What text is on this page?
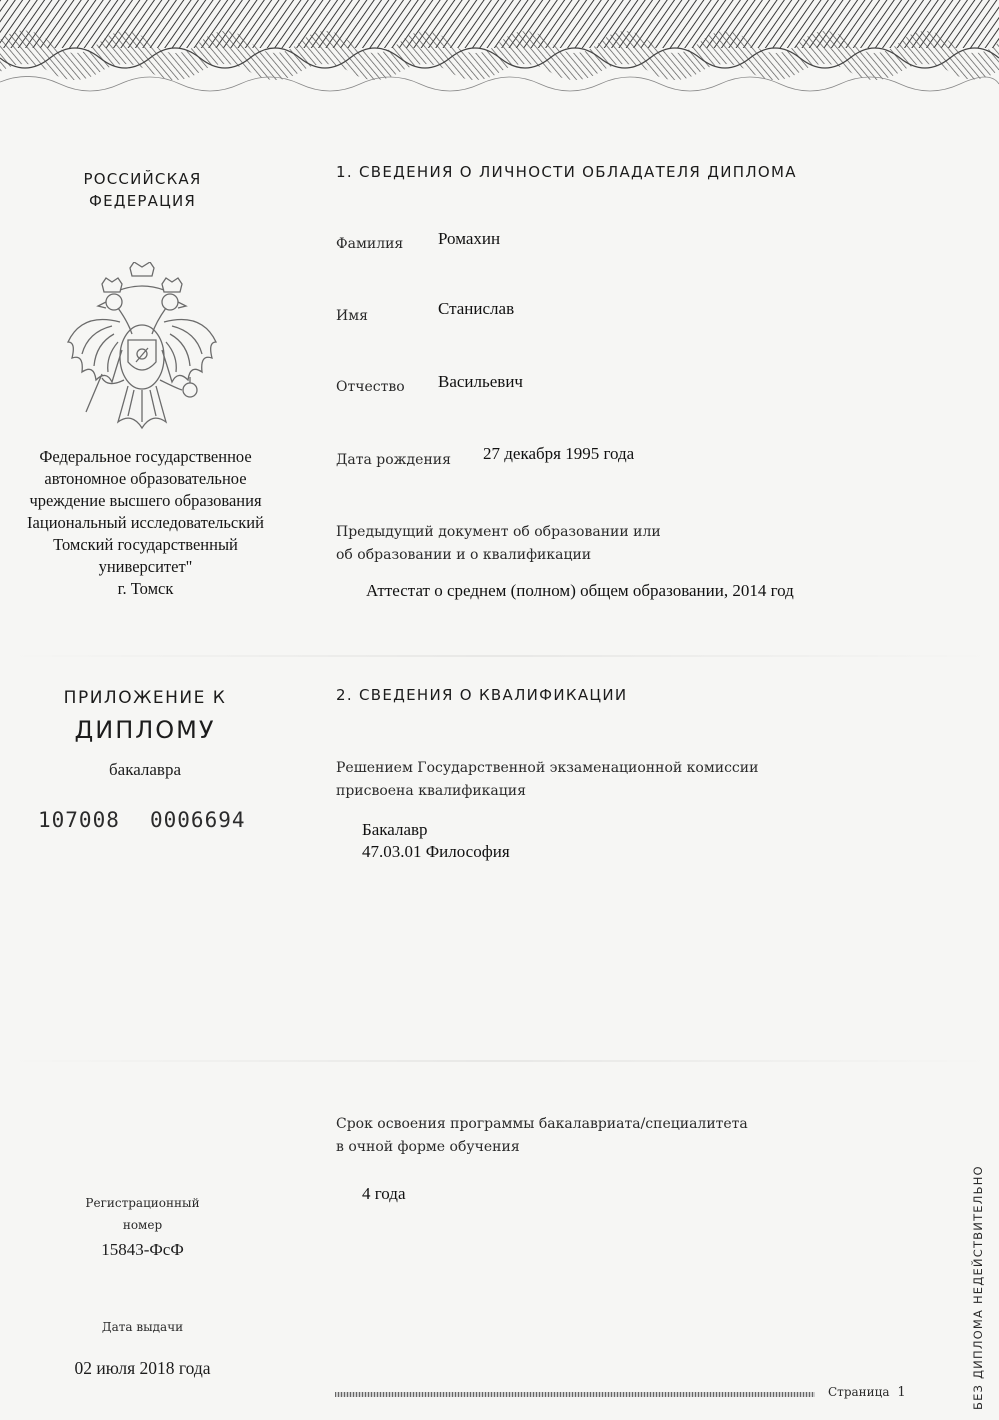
РОССИЙСКАЯ
ФЕДЕРАЦИЯ
Федеральное государственное
автономное образовательное
чреждение высшего образования
Iациональный исследовательский
Томский государственный
университет"
г. Томск
ПРИЛОЖЕНИЕ К
ДИПЛОМУ
бакалавра
107008 0006694
Регистрационный
номер
15843-ФсФ
Дата выдачи
02 июля 2018 года
1. СВЕДЕНИЯ О ЛИЧНОСТИ ОБЛАДАТЕЛЯ ДИПЛОМА
Фамилия Ромахин
Имя	Станислав
Отчество Васильевич
Дата рождения 27 декабря 1995 года
Предыдущий документ об образовании или
об образовании и о квалификации
Аттестат о среднем (полном) общем образовании, 2014 год
2. СВЕДЕНИЯ О КВАЛИФИКАЦИИ
Решением Государственной экзаменационной комиссии
присвоена квалификация
Бакалавр
47.03.01 Философия
Срок освоения программы бакалавриата/специалитета
в очной форме обучения
4 года
Страница 1	БЕЗ ДИПЛОМА НЕДЕЙСТВИТЕЛЬНО
